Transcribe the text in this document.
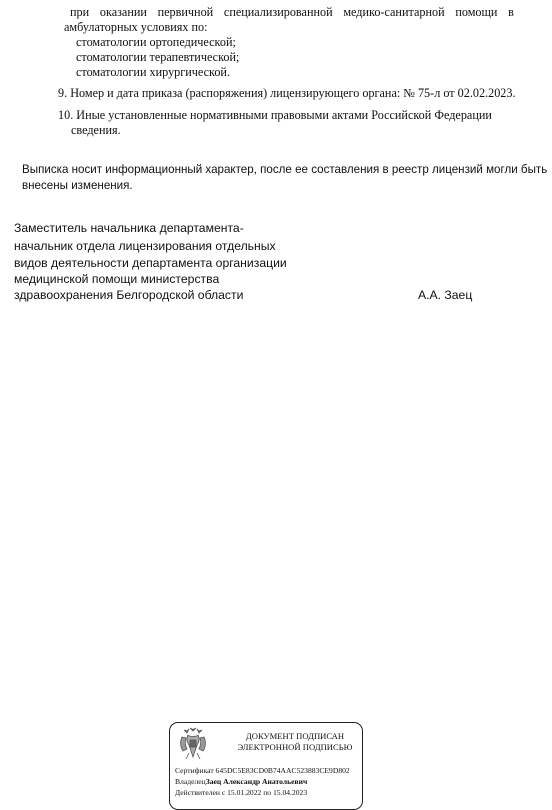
при оказании первичной специализированной медико-санитарной помощи в
амбулаторных условиях по:
стоматологии ортопедической;
стоматологии терапевтической;
стоматологии хирургической.
9. Номер и дата приказа (распоряжения) лицензирующего органа: № 75-л от 02.02.2023.
10. Иные установленные нормативными правовыми актами Российской Федерации
сведения.
Выписка носит информационный характер, после ее составления в реестр лицензий могли быть
внесены изменения.
Заместитель начальника департамента-
начальник отдела лицензирования отдельных
видов деятельности департамента организации
медицинской помощи министерства
здравоохранения Белгородской области	А.А. Заец
ДОКУМЕНТ ПОДПИСАН
ЭЛЕКТРОННОЙ ПОДПИСЬЮ
Сертификат 645DC5E83CD0B74AAC523883CE9D802
ВладелецЗаец Александр Анатольевич
Действителен с 15.01.2022 по 15.04.2023
